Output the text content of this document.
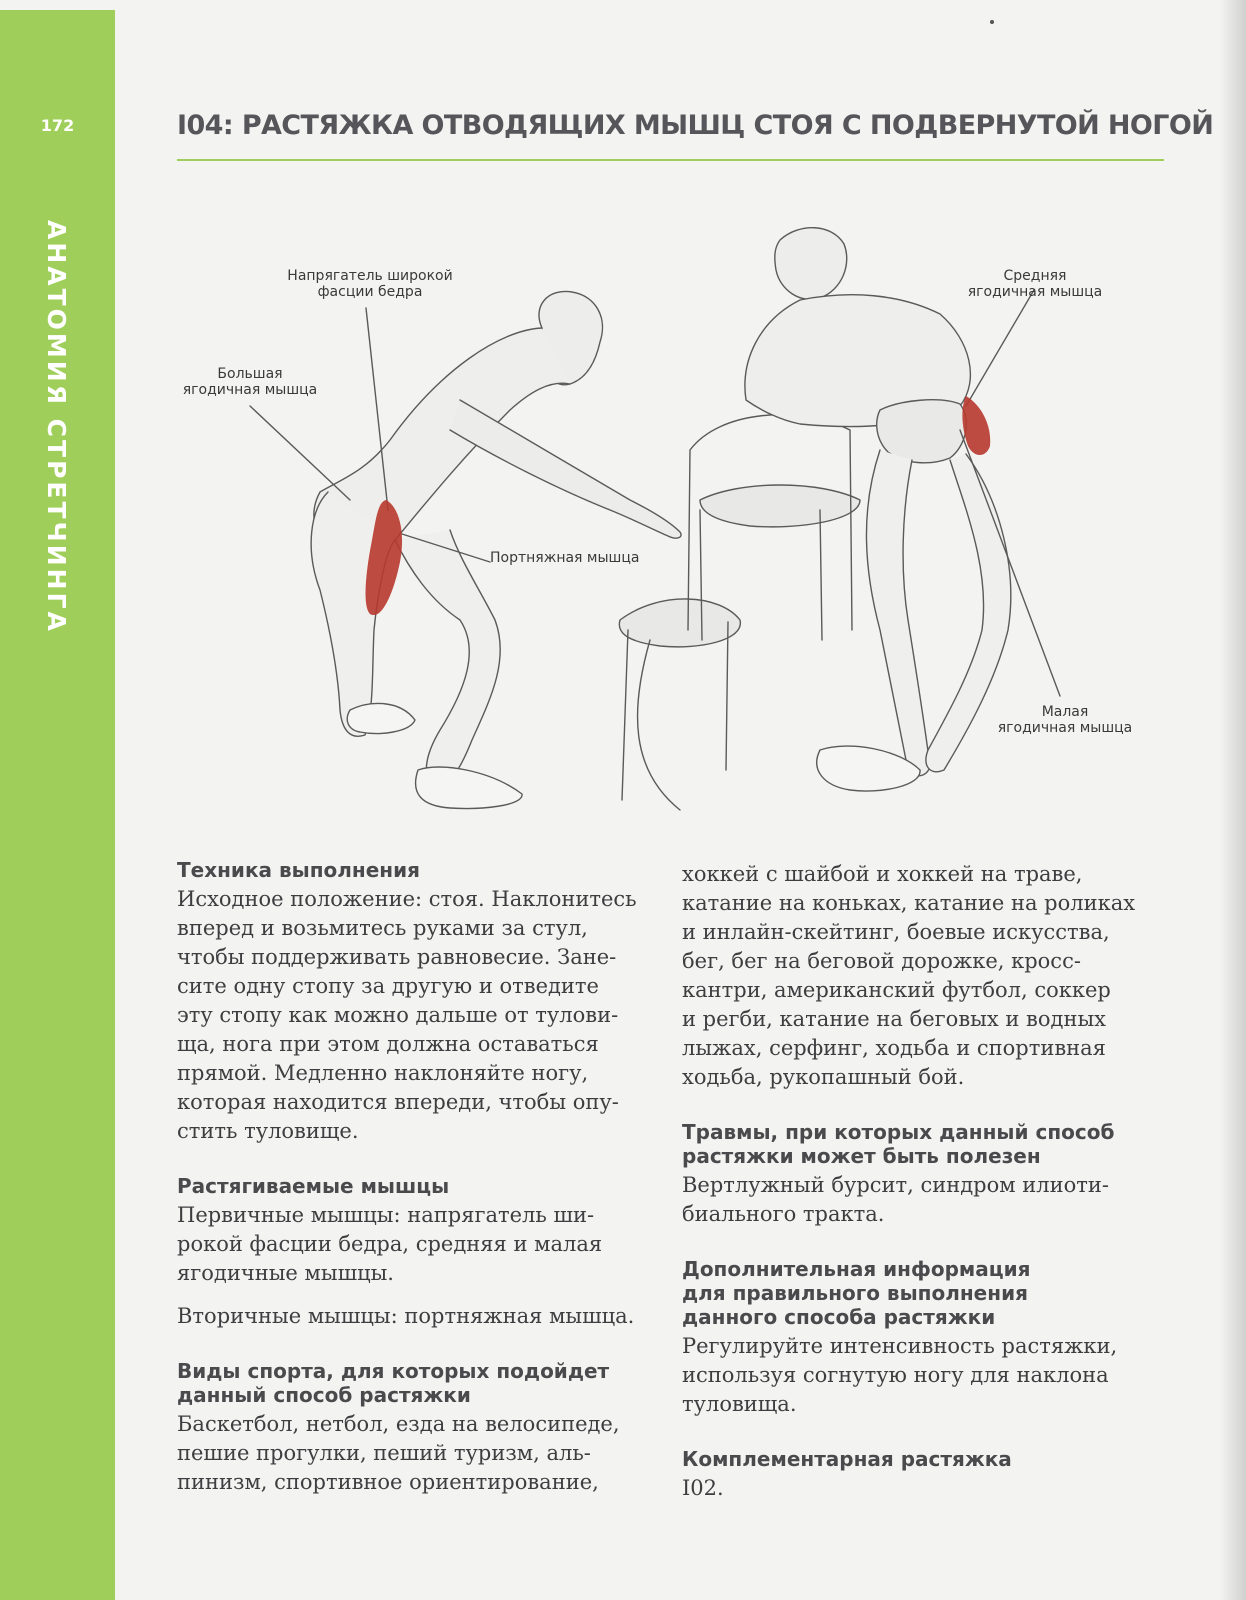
172
АНАТОМИЯ СТРЕТЧИНГА
I04: РАСТЯЖКА ОТВОДЯЩИХ МЫШЦ СТОЯ С ПОДВЕРНУТОЙ НОГОЙ
Напрягатель широкой
фасции бедра
Большая
ягодичная мышца
Портняжная мышца
Средняя
ягодичная мышца
Малая
ягодичная мышца
Техника выполнения
Исходное положение: стоя. Наклонитесь
вперед и возьмитесь руками за стул,
чтобы поддерживать равновесие. Зане-
сите одну стопу за другую и отведите
эту стопу как можно дальше от тулови-
ща, нога при этом должна оставаться
прямой. Медленно наклоняйте ногу,
которая находится впереди, чтобы опу-
стить туловище.
Растягиваемые мышцы
Первичные мышцы: напрягатель ши-
рокой фасции бедра, средняя и малая
ягодичные мышцы.
Вторичные мышцы: портняжная мышца.
Виды спорта, для которых подойдет
данный способ растяжки
Баскетбол, нетбол, езда на велосипеде,
пешие прогулки, пеший туризм, аль-
пинизм, спортивное ориентирование,
хоккей с шайбой и хоккей на траве,
катание на коньках, катание на роликах
и инлайн-скейтинг, боевые искусства,
бег, бег на беговой дорожке, кросс-
кантри, американский футбол, соккер
и регби, катание на беговых и водных
лыжах, серфинг, ходьба и спортивная
ходьба, рукопашный бой.
Травмы, при которых данный способ
растяжки может быть полезен
Вертлужный бурсит, синдром илиоти-
биального тракта.
Дополнительная информация
для правильного выполнения
данного способа растяжки
Регулируйте интенсивность растяжки,
используя согнутую ногу для наклона
туловища.
Комплементарная растяжка
I02.
